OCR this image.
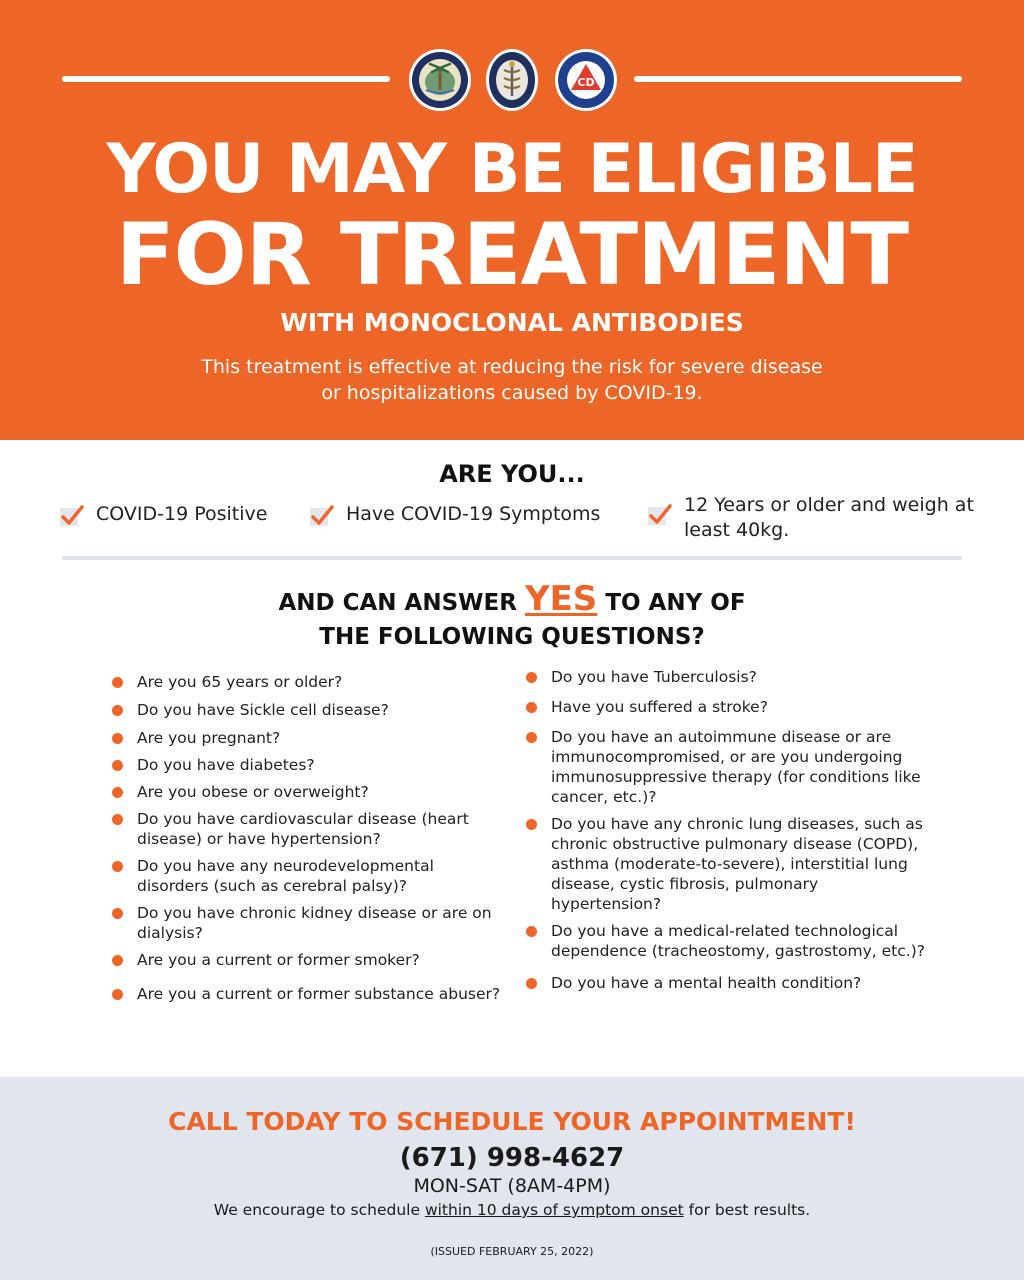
CD
YOU MAY BE ELIGIBLE
FOR TREATMENT
WITH MONOCLONAL ANTIBODIES
This treatment is effective at reducing the risk for severe disease or hospitalizations caused by COVID-19.
ARE YOU...
COVID-19 Positive	Have COVID-19 Symptoms	12 Years or older and weigh at least 40kg.
AND CAN ANSWER YES TO ANY OF
THE FOLLOWING QUESTIONS?
Are you 65 years or older?
Do you have Sickle cell disease?
Are you pregnant?
Do you have diabetes?
Are you obese or overweight?
Do you have cardiovascular disease (heart disease) or have hypertension?
Do you have any neurodevelopmental disorders (such as cerebral palsy)?
Do you have chronic kidney disease or are on dialysis?
Are you a current or former smoker?
Are you a current or former substance abuser?
Do you have Tuberculosis?
Have you suffered a stroke?
Do you have an autoimmune disease or are immunocompromised, or are you undergoing immunosuppressive therapy (for conditions like cancer, etc.)?
Do you have any chronic lung diseases, such as chronic obstructive pulmonary disease (COPD), asthma (moderate-to-severe), interstitial lung disease, cystic fibrosis, pulmonary hypertension?
Do you have a medical-related technological dependence (tracheostomy, gastrostomy, etc.)?
Do you have a mental health condition?
CALL TODAY TO SCHEDULE YOUR APPOINTMENT!
(671) 998-4627
MON-SAT (8AM-4PM)
We encourage to schedule within 10 days of symptom onset for best results.
(ISSUED FEBRUARY 25, 2022)
